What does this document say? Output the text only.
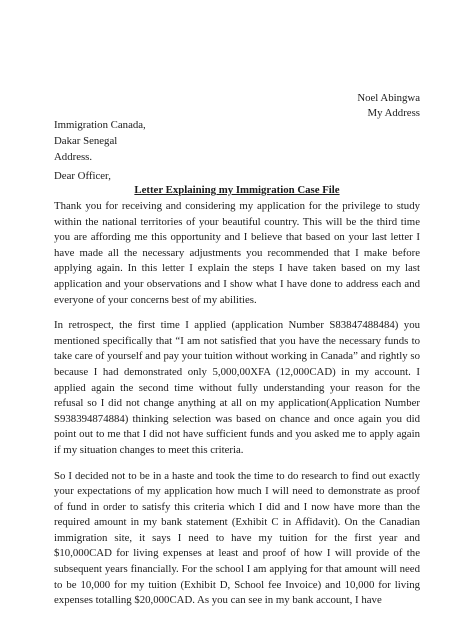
Noel Abingwa
My Address
Immigration Canada,
Dakar Senegal
Address.
Dear Officer,
Letter Explaining my Immigration Case File

Thank you for receiving and considering my application for the privilege to study within the national territories of your beautiful country. This will be the third time you are affording me this opportunity and I believe that based on your last letter I have made all the necessary adjustments you recommended that I make before applying again. In this letter I explain the steps I have taken based on my last application and your observations and I show what I have done to address each and everyone of your concerns best of my abilities.

In retrospect, the first time I applied (application Number S83847488484) you mentioned specifically that “I am not satisfied that you have the necessary funds to take care of yourself and pay your tuition without working in Canada” and rightly so because I had demonstrated only 5,000,00XFA (12,000CAD) in my account. I applied again the second time without fully understanding your reason for the refusal so I did not change anything at all on my application(Application Number S938394874884) thinking selection was based on chance and once again you did point out to me that I did not have sufficient funds and you asked me to apply again if my situation changes to meet this criteria.

So I decided not to be in a haste and took the time to do research to find out exactly your expectations of my application how much I will need to demonstrate as proof of fund in order to satisfy this criteria which I did and I now have more than the required amount in my bank statement (Exhibit C in Affidavit). On the Canadian immigration site, it says I need to have my tuition for the first year and $10,000CAD for living expenses at least and proof of how I will provide of the subsequent years financially. For the school I am applying for that amount will need to be 10,000 for my tuition (Exhibit D, School fee Invoice) and 10,000 for living expenses totalling $20,000CAD. As you can see in my bank account, I have
